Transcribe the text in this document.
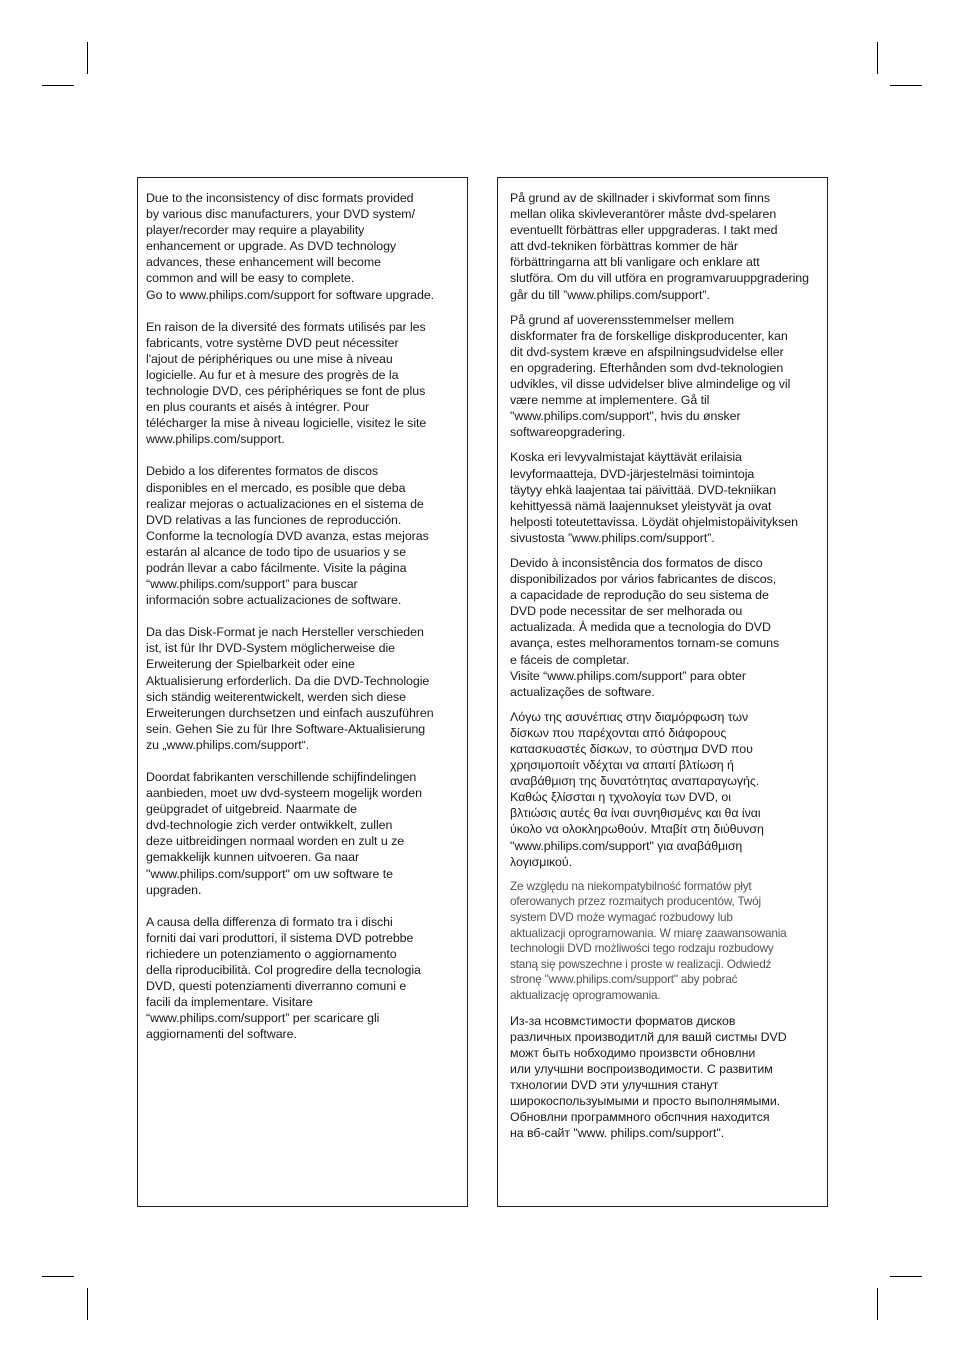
Due to the inconsistency of disc formats provided
by various disc manufacturers, your DVD system/
player/recorder may require a playability
enhancement or upgrade. As DVD technology
advances, these enhancement will become
common and will be easy to complete.
Go to www.philips.com/support for software upgrade.

En raison de la diversité des formats utilisés par les
fabricants, votre système DVD peut nécessiter
l'ajout de périphériques ou une mise à niveau
logicielle. Au fur et à mesure des progrès de la
technologie DVD, ces périphériques se font de plus
en plus courants et aisés à intégrer. Pour
télécharger la mise à niveau logicielle, visitez le site
www.philips.com/support.

Debido a los diferentes formatos de discos
disponibles en el mercado, es posible que deba
realizar mejoras o actualizaciones en el sistema de
DVD relativas a las funciones de reproducción.
Conforme la tecnología DVD avanza, estas mejoras
estarán al alcance de todo tipo de usuarios y se
podrán llevar a cabo fácilmente. Visite la página
“www.philips.com/support” para buscar
información sobre actualizaciones de software.

Da das Disk-Format je nach Hersteller verschieden
ist, ist für Ihr DVD-System möglicherweise die
Erweiterung der Spielbarkeit oder eine
Aktualisierung erforderlich. Da die DVD-Technologie
sich ständig weiterentwickelt, werden sich diese
Erweiterungen durchsetzen und einfach auszuführen
sein. Gehen Sie zu für Ihre Software-Aktualisierung
zu „www.philips.com/support“.

Doordat fabrikanten verschillende schijfindelingen
aanbieden, moet uw dvd-systeem mogelijk worden
geüpgradet of uitgebreid. Naarmate de
dvd-technologie zich verder ontwikkelt, zullen
deze uitbreidingen normaal worden en zult u ze
gemakkelijk kunnen uitvoeren. Ga naar
"www.philips.com/support" om uw software te
upgraden.

A causa della differenza di formato tra i dischi
forniti dai vari produttori, il sistema DVD potrebbe
richiedere un potenziamento o aggiornamento
della riproducibilità. Col progredire della tecnologia
DVD, questi potenziamenti diverranno comuni e
facili da implementare. Visitare
“www.philips.com/support” per scaricare gli
aggiornamenti del software.

På grund av de skillnader i skivformat som finns
mellan olika skivleverantörer måste dvd-spelaren
eventuellt förbättras eller uppgraderas. I takt med
att dvd-tekniken förbättras kommer de här
förbättringarna att bli vanligare och enklare att
slutföra. Om du vill utföra en programvaruuppgradering
går du till ”www.philips.com/support”.

På grund af uoverensstemmelser mellem
diskformater fra de forskellige diskproducenter, kan
dit dvd-system kræve en afspilningsudvidelse eller
en opgradering. Efterhånden som dvd-teknologien
udvikles, vil disse udvidelser blive almindelige og vil
være nemme at implementere. Gå til
"www.philips.com/support", hvis du ønsker
softwareopgradering.

Koska eri levyvalmistajat käyttävät erilaisia
levyformaatteja, DVD-järjestelmäsi toimintoja
täytyy ehkä laajentaa tai päivittää. DVD-tekniikan
kehittyessä nämä laajennukset yleistyvät ja ovat
helposti toteutettavissa. Löydät ohjelmistopäivityksen
sivustosta ”www.philips.com/support”.

Devido à inconsistência dos formatos de disco
disponibilizados por vários fabricantes de discos,
a capacidade de reprodução do seu sistema de
DVD pode necessitar de ser melhorada ou
actualizada. À medida que a tecnologia do DVD
avança, estes melhoramentos tornam-se comuns
e fáceis de completar.
Visite “www.philips.com/support” para obter
actualizações de software.

Λόγω της ασυνέπιας στην διαμόρφωση των
δίσκων που παρέχονται από διάφορους
κατασκυαστές δίσκων, το σύστημα DVD που
χρησιμοποιίτ νδέχται να απαιτί βλτίωση ή
αναβάθμιση της δυνατότητας αναπαραγωγής.
Καθώς ξλίσσται η τχνολογία των DVD, οι
βλτιώσις αυτές θα ίναι συνηθισμένς και θα ίναι
ύκολο να ολοκληρωθούν. Μταβίτ στη διύθυνση
"www.philips.com/support" για αναβάθμιση
λογισμικού.

Ze względu na niekompatybilność formatów płyt
oferowanych przez rozmaitych producentów, Twój
system DVD może wymagać rozbudowy lub
aktualizacji oprogramowania. W miarę zaawansowania
technologii DVD możliwości tego rodzaju rozbudowy
staną się powszechne i proste w realizacji. Odwiedź
stronę "www.philips.com/support" aby pobrać
aktualizację oprogramowania.

Из-за нсовмстимости форматов дисков
различных производитлй для вашй систмы DVD
можт быть нобходимо произвсти обновлни
или улучшни воспроизводимости. С развитим
тхнологии DVD эти улучшния станут
широкоспользуымыми и просто выполнямыми.
Обновлни программного обспчния находится
на вб-сайт "www. philips.com/support".
